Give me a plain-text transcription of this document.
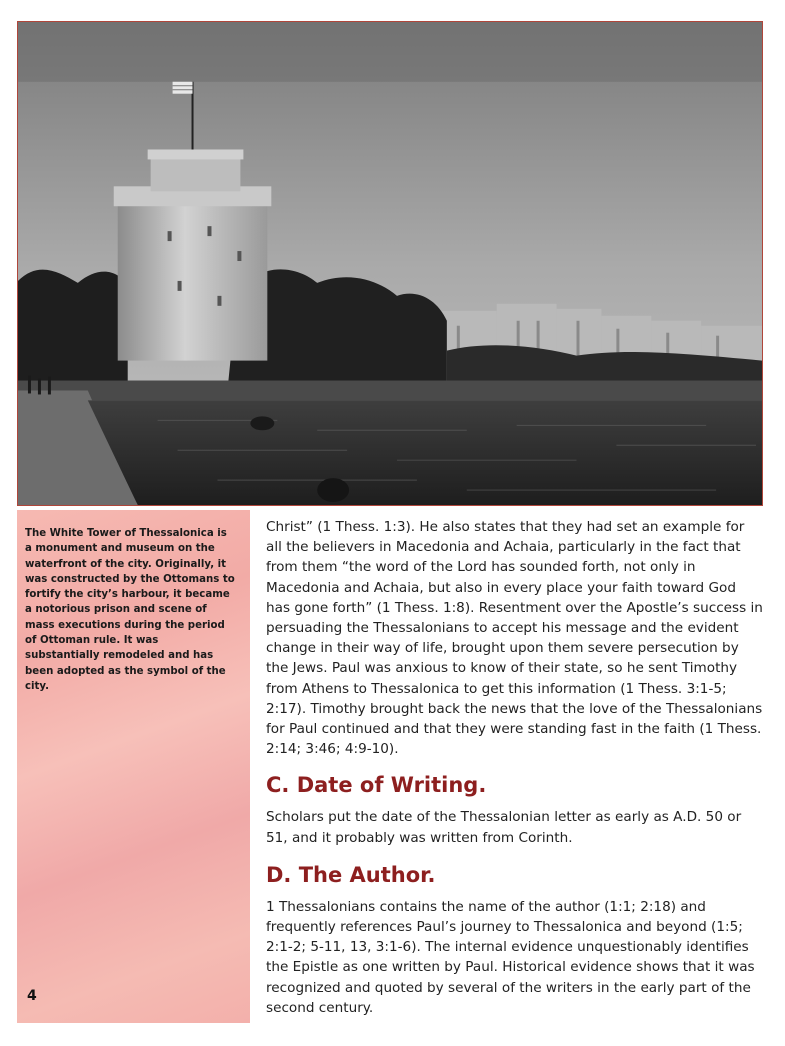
The White Tower of Thessalonica is a monument and museum on the waterfront of the city. Originally, it was constructed by the Ottomans to fortify the city’s harbour, it became a notorious prison and scene of mass executions during the period of Ottoman rule. It was substantially remodeled and has been adopted as the symbol of the city.
4

Christ” (1 Thess. 1:3). He also states that they had set an example for all the believers in Macedonia and Achaia, particularly in the fact that from them “the word of the Lord has sounded forth, not only in Macedonia and Achaia, but also in every place your faith toward God has gone forth” (1 Thess. 1:8). Resentment over the Apostle’s success in persuading the Thessalonians to accept his message and the evident change in their way of life, brought upon them severe persecution by the Jews. Paul was anxious to know of their state, so he sent Timothy from Athens to Thessalonica to get this information (1 Thess. 3:1-5; 2:17). Timothy brought back the news that the love of the Thessalonians for Paul continued and that they were standing fast in the faith (1 Thess. 2:14; 3:46; 4:9-10).

C. Date of Writing.

Scholars put the date of the Thessalonian letter as early as A.D. 50 or 51, and it probably was written from Corinth.

D. The Author.

1 Thessalonians contains the name of the author (1:1; 2:18) and frequently references Paul’s journey to Thessalonica and beyond (1:5; 2:1-2; 5-11, 13, 3:1-6). The internal evidence unquestionably identifies the Epistle as one written by Paul. Historical evidence shows that it was recognized and quoted by several of the writers in the early part of the second century.
